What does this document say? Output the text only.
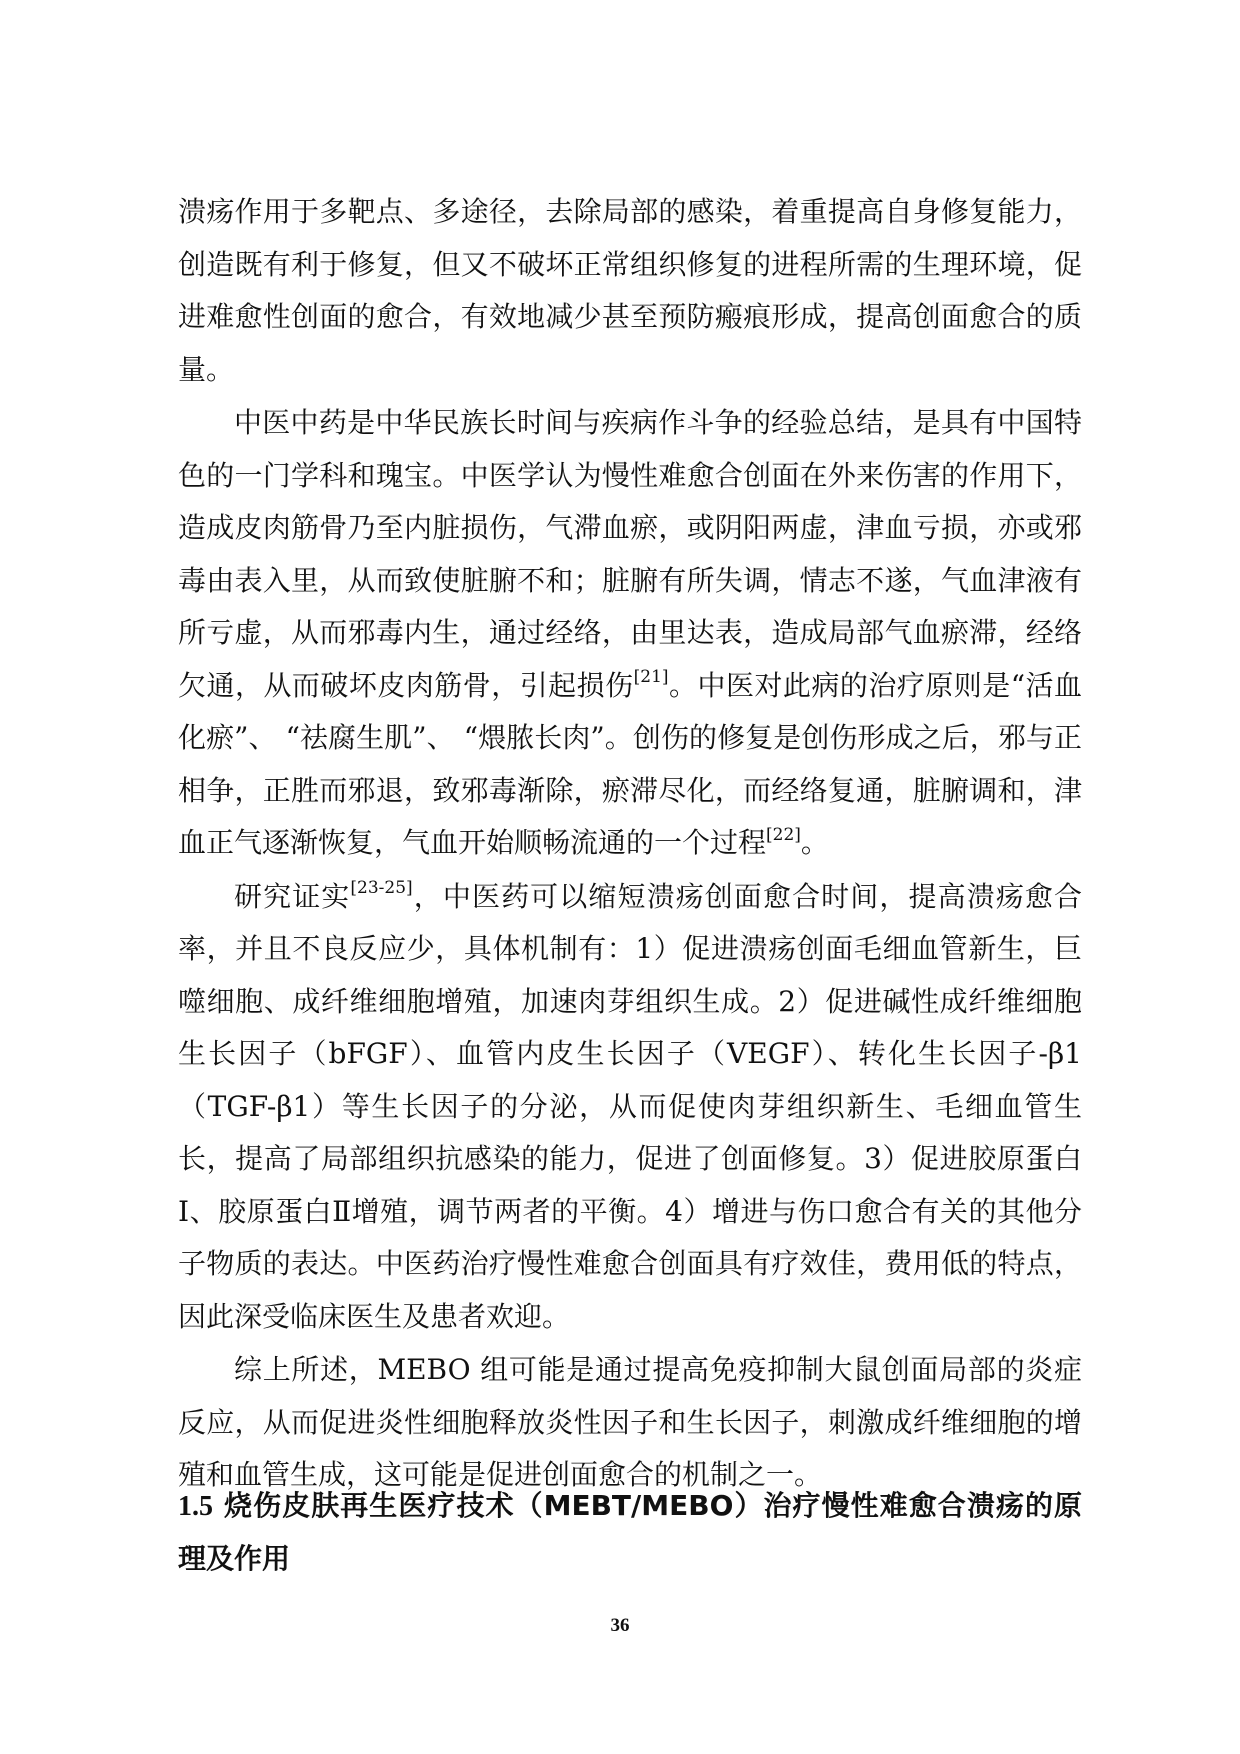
溃疡作用于多靶点、多途径，去除局部的感染，着重提高自身修复能力，创造既有利于修复，但又不破坏正常组织修复的进程所需的生理环境，促进难愈性创面的愈合，有效地减少甚至预防瘢痕形成，提高创面愈合的质量。

中医中药是中华民族长时间与疾病作斗争的经验总结，是具有中国特色的一门学科和瑰宝。中医学认为慢性难愈合创面在外来伤害的作用下，造成皮肉筋骨乃至内脏损伤，气滞血瘀，或阴阳两虚，津血亏损，亦或邪毒由表入里，从而致使脏腑不和；脏腑有所失调，情志不遂，气血津液有所亏虚，从而邪毒内生，通过经络，由里达表，造成局部气血瘀滞，经络欠通，从而破坏皮肉筋骨，引起损伤[21]。中医对此病的治疗原则是“活血化瘀”、 “祛腐生肌”、 “煨脓长肉”。创伤的修复是创伤形成之后，邪与正相争，正胜而邪退，致邪毒渐除，瘀滞尽化，而经络复通，脏腑调和，津血正气逐渐恢复，气血开始顺畅流通的一个过程[22]。

研究证实[23-25]，中医药可以缩短溃疡创面愈合时间，提高溃疡愈合率，并且不良反应少，具体机制有：1）促进溃疡创面毛细血管新生，巨噬细胞、成纤维细胞增殖，加速肉芽组织生成。2）促进碱性成纤维细胞生长因子（bFGF）、血管内皮生长因子（VEGF）、转化生长因子-β1（TGF-β1）等生长因子的分泌，从而促使肉芽组织新生、毛细血管生长，提高了局部组织抗感染的能力，促进了创面修复。3）促进胶原蛋白Ⅰ、胶原蛋白Ⅱ增殖，调节两者的平衡。4）增进与伤口愈合有关的其他分子物质的表达。中医药治疗慢性难愈合创面具有疗效佳，费用低的特点，因此深受临床医生及患者欢迎。

综上所述，MEBO 组可能是通过提高免疫抑制大鼠创面局部的炎症反应，从而促进炎性细胞释放炎性因子和生长因子，刺激成纤维细胞的增殖和血管生成，这可能是促进创面愈合的机制之一。

1.5 烧伤皮肤再生医疗技术（MEBT/MEBO）治疗慢性难愈合溃疡的原理及作用
36
